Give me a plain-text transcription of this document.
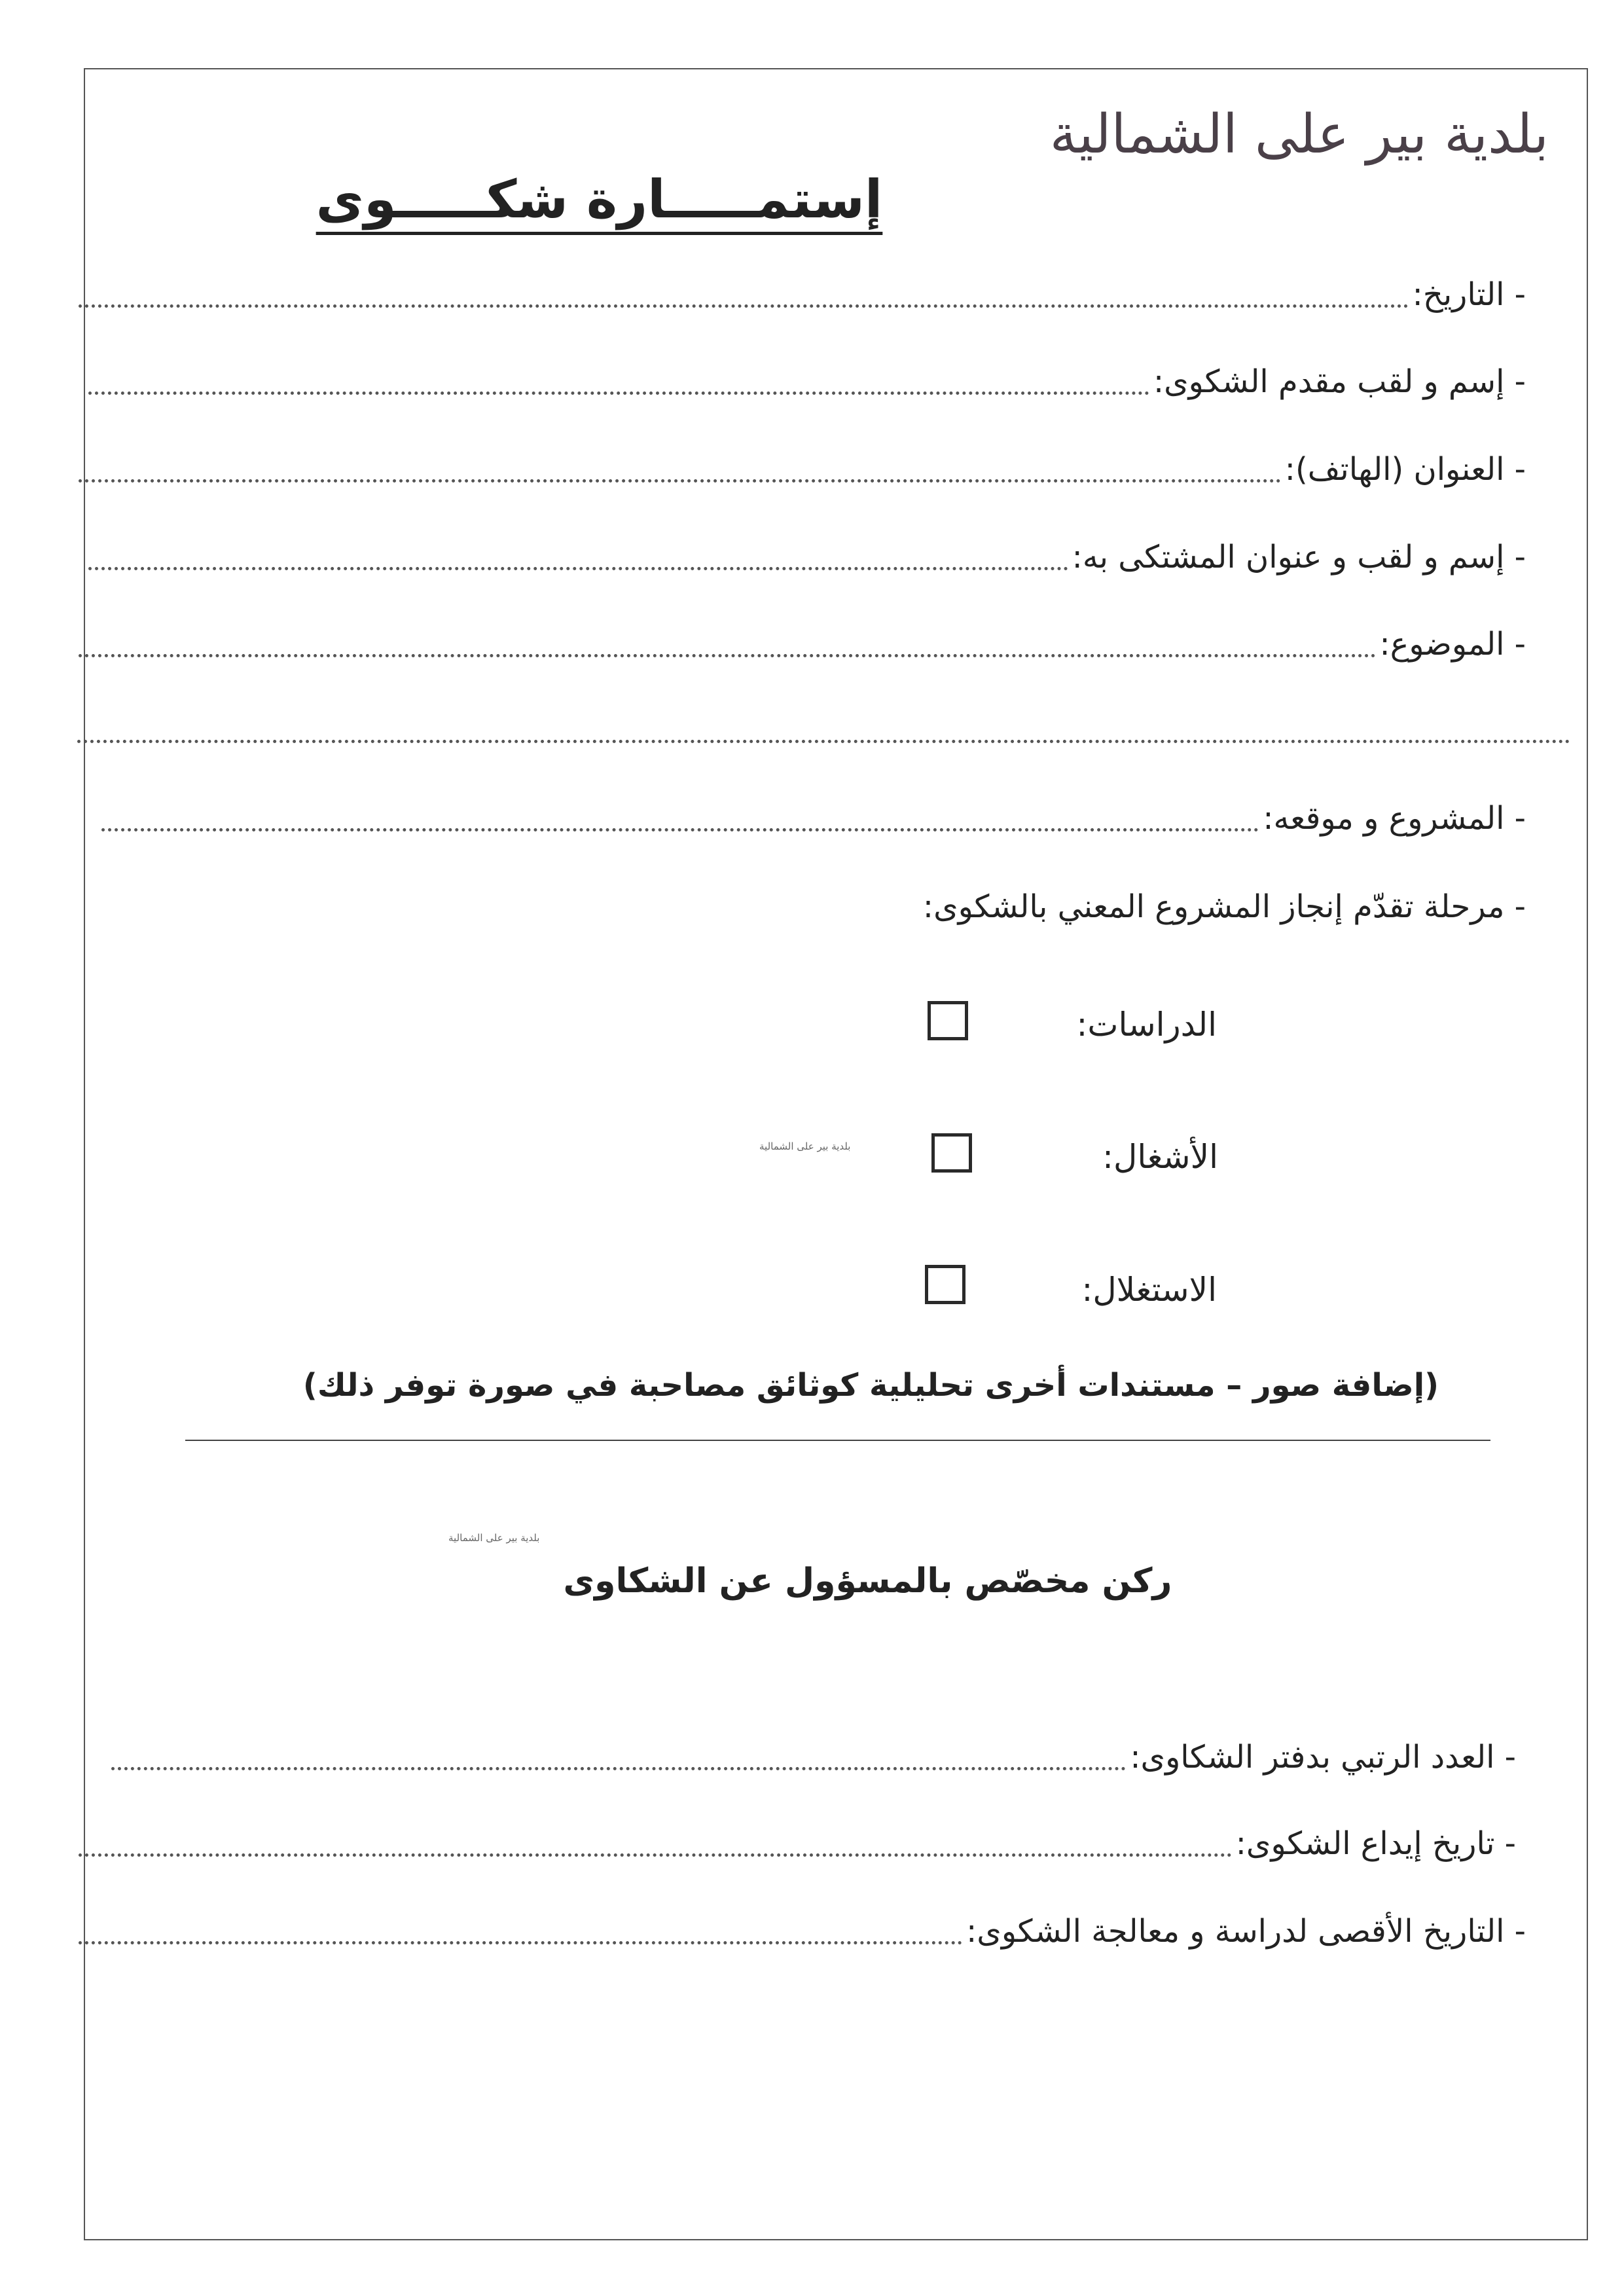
بلدية بير على الشمالية
إستمـــــارة شكـــــوى
- التاريخ:
- إسم و لقب مقدم الشكوى:
- العنوان (الهاتف):
- إسم و لقب و عنوان المشتكى به:
- الموضوع:
- المشروع و موقعه:
- مرحلة تقدّم إنجاز المشروع المعني بالشكوى:
الدراسات:
الأشغال:
الاستغلال:
بلدية بير على الشمالية

(إضافة صور – مستندات أخرى تحليلية كوثائق مصاحبة في صورة توفر ذلك)

بلدية بير على الشمالية
ركن مخصّص بالمسؤول عن الشكاوى
- العدد الرتبي بدفتر الشكاوى:
- تاريخ إيداع الشكوى:
- التاريخ الأقصى لدراسة و معالجة الشكوى:
